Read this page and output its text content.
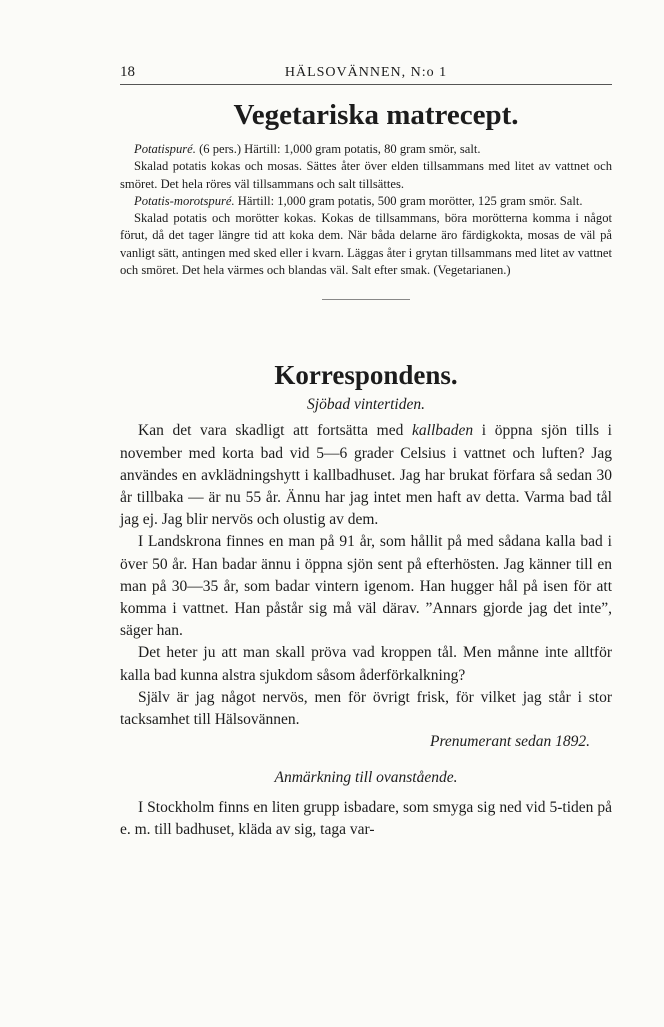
18	HÄLSOVÄNNEN, N:o 1
Vegetariska matrecept.

Potatispuré. (6 pers.) Härtill: 1,000 gram potatis, 80 gram smör, salt.

Skalad potatis kokas och mosas. Sättes åter över elden tillsammans med litet av vattnet och smöret. Det hela röres väl tillsammans och salt tillsättes.

Potatis-morotspuré. Härtill: 1,000 gram potatis, 500 gram morötter, 125 gram smör. Salt.

Skalad potatis och morötter kokas. Kokas de tillsammans, böra morötterna komma i något förut, då det tager längre tid att koka dem. När båda delarne äro färdigkokta, mosas de väl på vanligt sätt, antingen med sked eller i kvarn. Läggas åter i grytan tillsammans med litet av vattnet och smöret. Det hela värmes och blandas väl. Salt efter smak. (Vegetarianen.)

Korrespondens.
Sjöbad vintertiden.

Kan det vara skadligt att fortsätta med kallbaden i öppna sjön tills i november med korta bad vid 5—6 grader Celsius i vattnet och luften? Jag användes en avklädningshytt i kallbadhuset. Jag har brukat förfara så sedan 30 år tillbaka — är nu 55 år. Ännu har jag intet men haft av detta. Varma bad tål jag ej. Jag blir nervös och olustig av dem.

I Landskrona finnes en man på 91 år, som hållit på med sådana kalla bad i över 50 år. Han badar ännu i öppna sjön sent på efterhösten. Jag känner till en man på 30—35 år, som badar vintern igenom. Han hugger hål på isen för att komma i vattnet. Han påstår sig må väl därav. ”Annars gjorde jag det inte”, säger han.

Det heter ju att man skall pröva vad kroppen tål. Men månne inte alltför kalla bad kunna alstra sjukdom såsom åderförkalkning?

Själv är jag något nervös, men för övrigt frisk, för vilket jag står i stor tacksamhet till Hälsovännen.

Prenumerant sedan 1892.
Anmärkning till ovanstående.

I Stockholm finns en liten grupp isbadare, som smyga sig ned vid 5-tiden på e. m. till badhuset, kläda av sig, taga var-
